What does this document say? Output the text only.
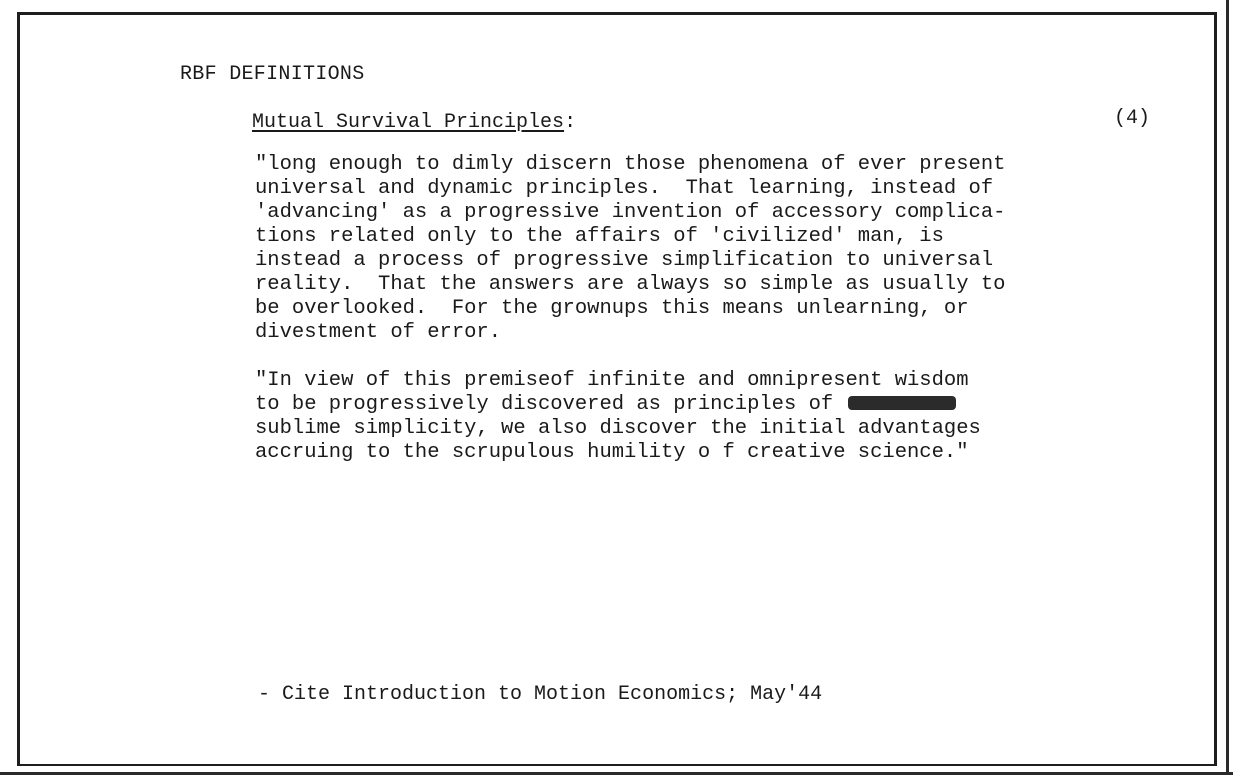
RBF DEFINITIONS
Mutual Survival Principles:	(4)
"long enough to dimly discern those phenomena of ever present
universal and dynamic principles.  That learning, instead of
'advancing' as a progressive invention of accessory complica-
tions related only to the affairs of 'civilized' man, is
instead a process of progressive simplification to universal
reality.  That the answers are always so simple as usually to
be overlooked.  For the grownups this means unlearning, or
divestment of error.
"In view of this premiseof infinite and omnipresent wisdom
to be progressively discovered as principles of
sublime simplicity, we also discover the initial advantages
accruing to the scrupulous humility o f creative science."
- Cite Introduction to Motion Economics; May'44
